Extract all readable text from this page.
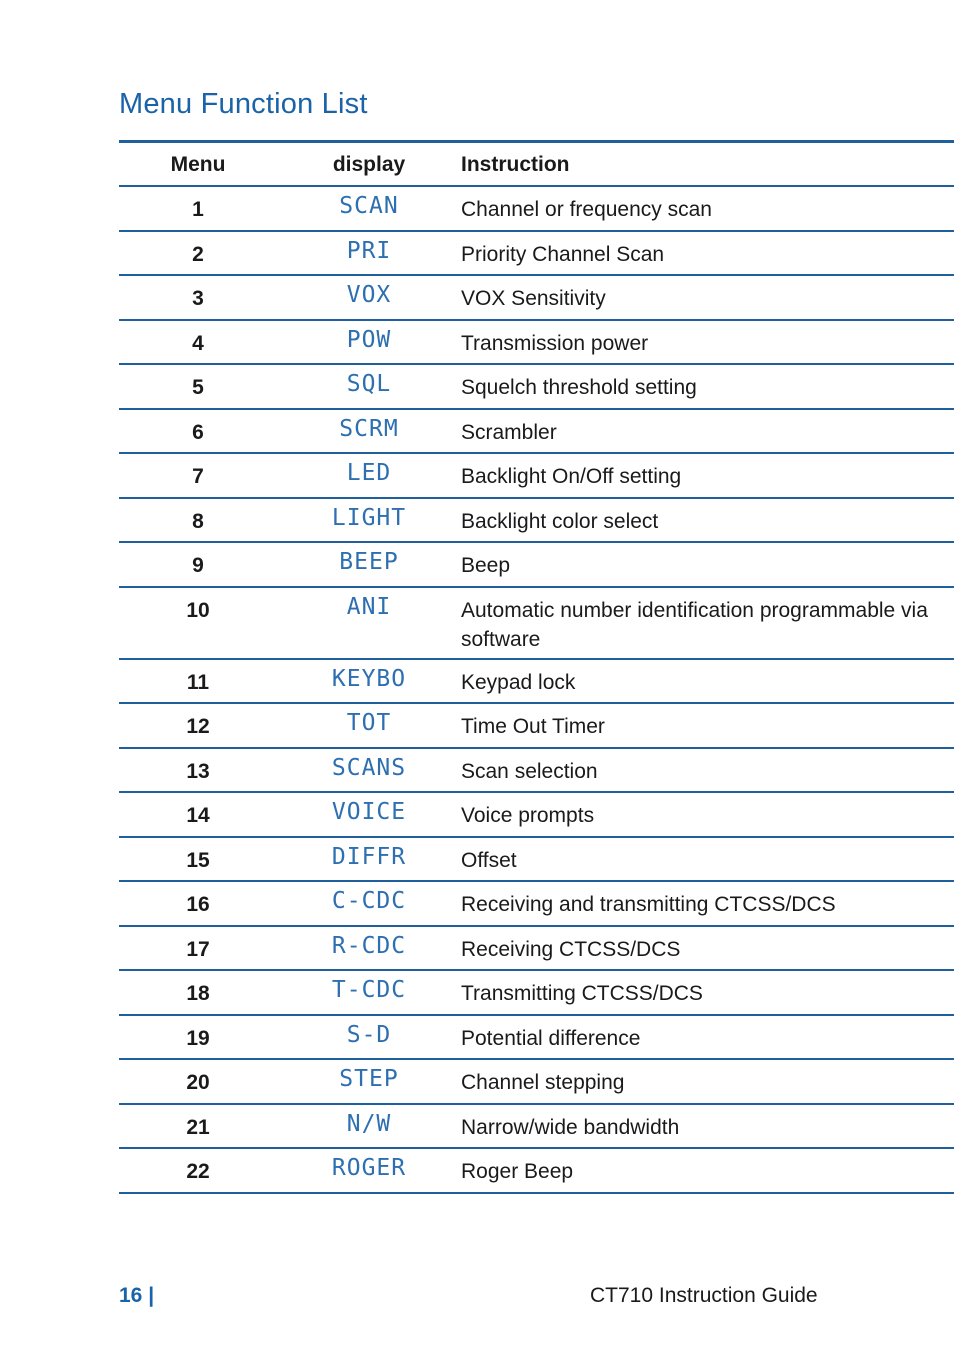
Menu Function List
Menu	display	Instruction
1	SCAN	Channel or frequency scan
2	PRI	Priority Channel Scan
3	VOX	VOX Sensitivity
4	POW	Transmission power
5	SQL	Squelch threshold setting
6	SCRM	Scrambler
7	LED	Backlight On/Off setting
8	LIGHT	Backlight color select
9	BEEP	Beep
10	ANI	Automatic number identification programmable via software
11	KEYBO	Keypad lock
12	TOT	Time Out Timer
13	SCANS	Scan selection
14	VOICE	Voice prompts
15	DIFFR	Offset
16	C-CDC	Receiving and transmitting CTCSS/DCS
17	R-CDC	Receiving CTCSS/DCS
18	T-CDC	Transmitting CTCSS/DCS
19	S-D	Potential difference
20	STEP	Channel stepping
21	N/W	Narrow/wide bandwidth
22	ROGER	Roger Beep
16 |	CT710 Instruction Guide
